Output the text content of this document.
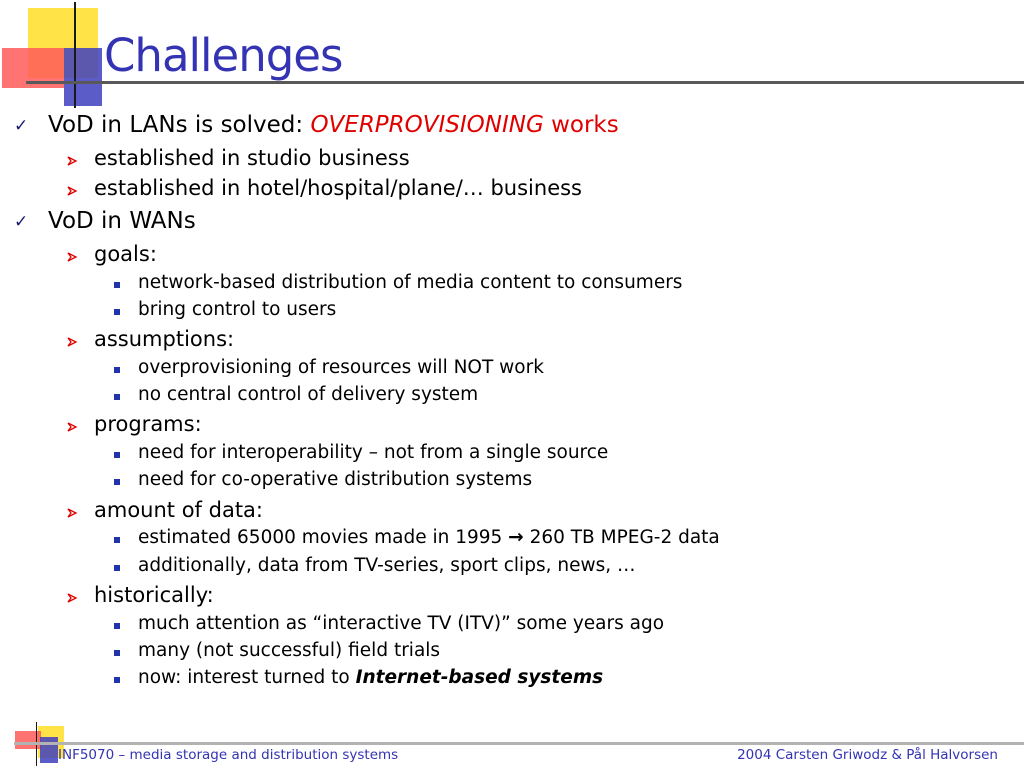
Challenges
✓ VoD in LANs is solved: OVERPROVISIONING works
established in studio business
established in hotel/hospital/plane/… business
✓ VoD in WANs
goals:
network-based distribution of media content to consumers
bring control to users
assumptions:
overprovisioning of resources will NOT work
no central control of delivery system
programs:
need for interoperability – not from a single source
need for co-operative distribution systems
amount of data:
estimated 65000 movies made in 1995 → 260 TB MPEG-2 data
additionally, data from TV-series, sport clips, news, …
historically:
much attention as “interactive TV (ITV)” some years ago
many (not successful) field trials
now: interest turned to Internet-based systems
INF5070 – media storage and distribution systems	2004 Carsten Griwodz & Pål Halvorsen
